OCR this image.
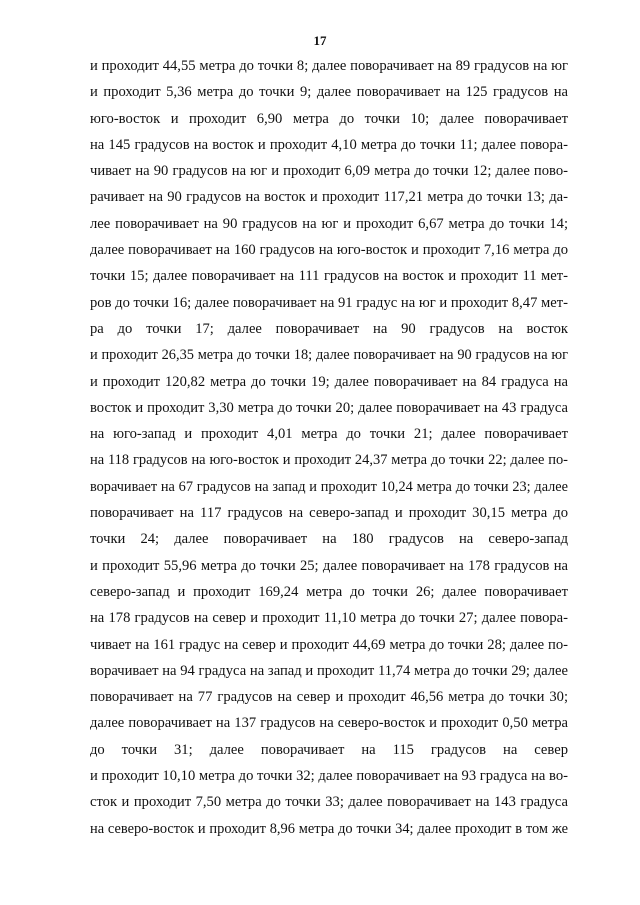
17
и проходит 44,55 метра до точки 8; далее поворачивает на 89 градусов на юг
и проходит 5,36 метра до точки 9; далее поворачивает на 125 градусов на
юго-восток и проходит 6,90 метра до точки 10; далее поворачивает
на 145 градусов на восток и проходит 4,10 метра до точки 11; далее повора-
чивает на 90 градусов на юг и проходит 6,09 метра до точки 12; далее пово-
рачивает на 90 градусов на восток и проходит 117,21 метра до точки 13; да-
лее поворачивает на 90 градусов на юг и проходит 6,67 метра до точки 14;
далее поворачивает на 160 градусов на юго-восток и проходит 7,16 метра до
точки 15; далее поворачивает на 111 градусов на восток и проходит 11 мет-
ров до точки 16; далее поворачивает на 91 градус на юг и проходит 8,47 мет-
ра до точки 17; далее поворачивает на 90 градусов на восток
и проходит 26,35 метра до точки 18; далее поворачивает на 90 градусов на юг
и проходит 120,82 метра до точки 19; далее поворачивает на 84 градуса на
восток и проходит 3,30 метра до точки 20; далее поворачивает на 43 градуса
на юго-запад и проходит 4,01 метра до точки 21; далее поворачивает
на 118 градусов на юго-восток и проходит 24,37 метра до точки 22; далее по-
ворачивает на 67 градусов на запад и проходит 10,24 метра до точки 23; далее
поворачивает на 117 градусов на северо-запад и проходит 30,15 метра до
точки 24; далее поворачивает на 180 градусов на северо-запад
и проходит 55,96 метра до точки 25; далее поворачивает на 178 градусов на
северо-запад и проходит 169,24 метра до точки 26; далее поворачивает
на 178 градусов на север и проходит 11,10 метра до точки 27; далее повора-
чивает на 161 градус на север и проходит 44,69 метра до точки 28; далее по-
ворачивает на 94 градуса на запад и проходит 11,74 метра до точки 29; далее
поворачивает на 77 градусов на север и проходит 46,56 метра до точки 30;
далее поворачивает на 137 градусов на северо-восток и проходит 0,50 метра
до точки 31; далее поворачивает на 115 градусов на север
и проходит 10,10 метра до точки 32; далее поворачивает на 93 градуса на во-
сток и проходит 7,50 метра до точки 33; далее поворачивает на 143 градуса
на северо-восток и проходит 8,96 метра до точки 34; далее проходит в том же
